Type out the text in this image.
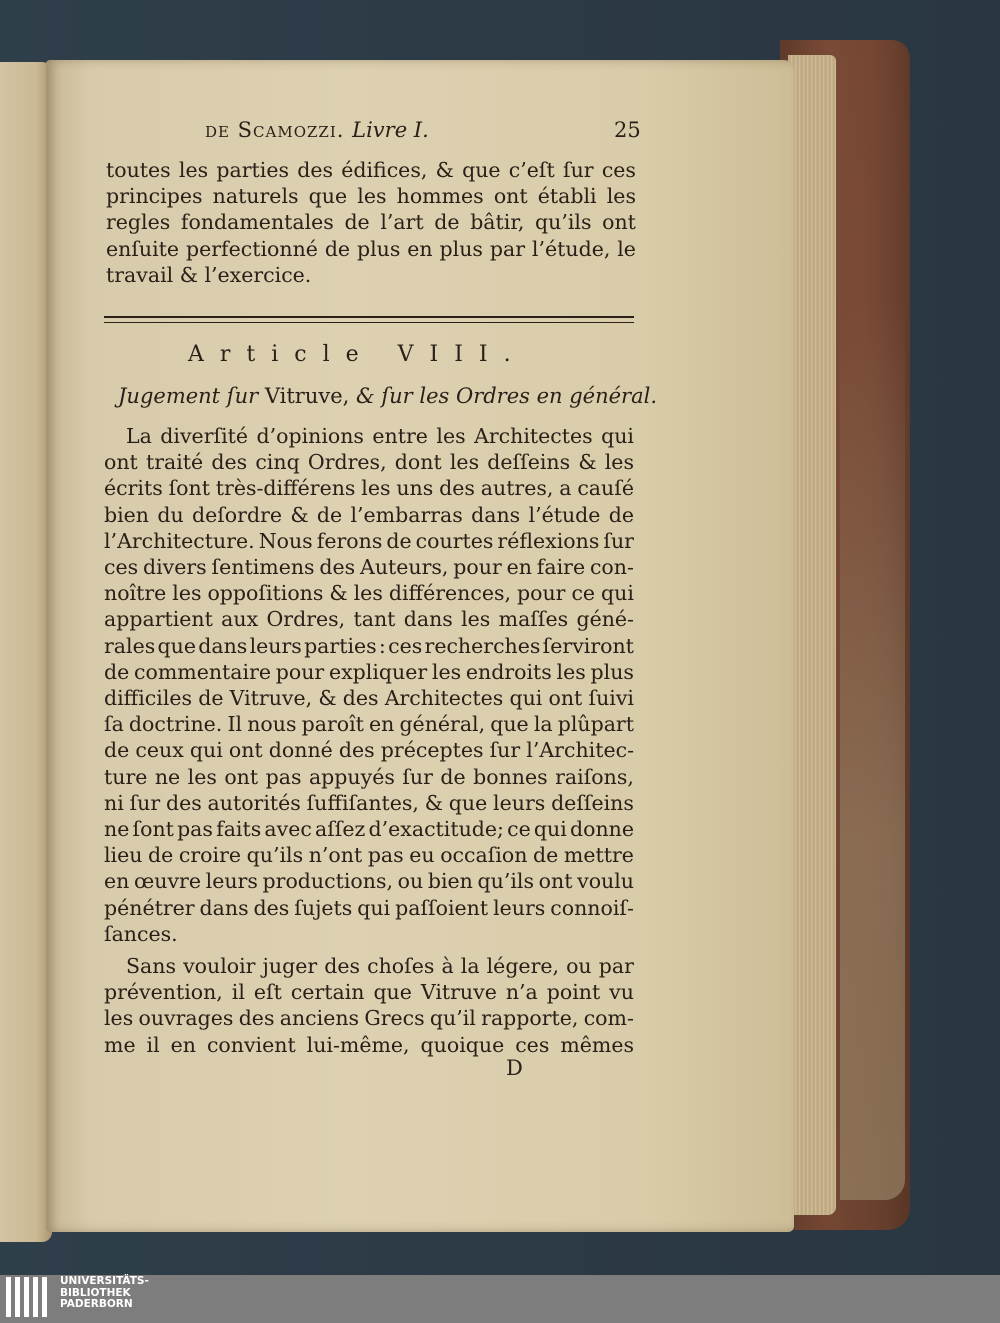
de Scamozzi. Livre I.	25
toutes les parties des édifices, & que c’eſt ſur ces
principes naturels que les hommes ont établi les
regles fondamentales de l’art de bâtir, qu’ils ont
enſuite perfectionné de plus en plus par l’étude, le
travail & l’exercice.
Article VIII.
Jugement ſur Vitruve, & ſur les Ordres en général.
La diverſité d’opinions entre les Architectes qui
ont traité des cinq Ordres, dont les deſſeins & les
écrits ſont très-différens les uns des autres, a cauſé
bien du deſordre & de l’embarras dans l’étude de
l’Architecture. Nous ferons de courtes réflexions ſur
ces divers ſentimens des Auteurs, pour en faire con-
noître les oppoſitions & les différences, pour ce qui
appartient aux Ordres, tant dans les maſſes géné-
rales que dans leurs parties : ces recherches ſerviront
de commentaire pour expliquer les endroits les plus
difficiles de Vitruve, & des Architectes qui ont ſuivi
ſa doctrine. Il nous paroît en général, que la plûpart
de ceux qui ont donné des préceptes ſur l’Architec-
ture ne les ont pas appuyés ſur de bonnes raiſons,
ni ſur des autorités ſuffiſantes, & que leurs deſſeins
ne ſont pas faits avec aſſez d’exactitude; ce qui donne
lieu de croire qu’ils n’ont pas eu occaſion de mettre
en œuvre leurs productions, ou bien qu’ils ont voulu
pénétrer dans des ſujets qui paſſoient leurs connoiſ-
ſances.
Sans vouloir juger des choſes à la légere, ou par
prévention, il eſt certain que Vitruve n’a point vu
les ouvrages des anciens Grecs qu’il rapporte, com-
me il en convient lui-même, quoique ces mêmes
D
UNIVERSITÄTS-
BIBLIOTHEK
PADERBORN
